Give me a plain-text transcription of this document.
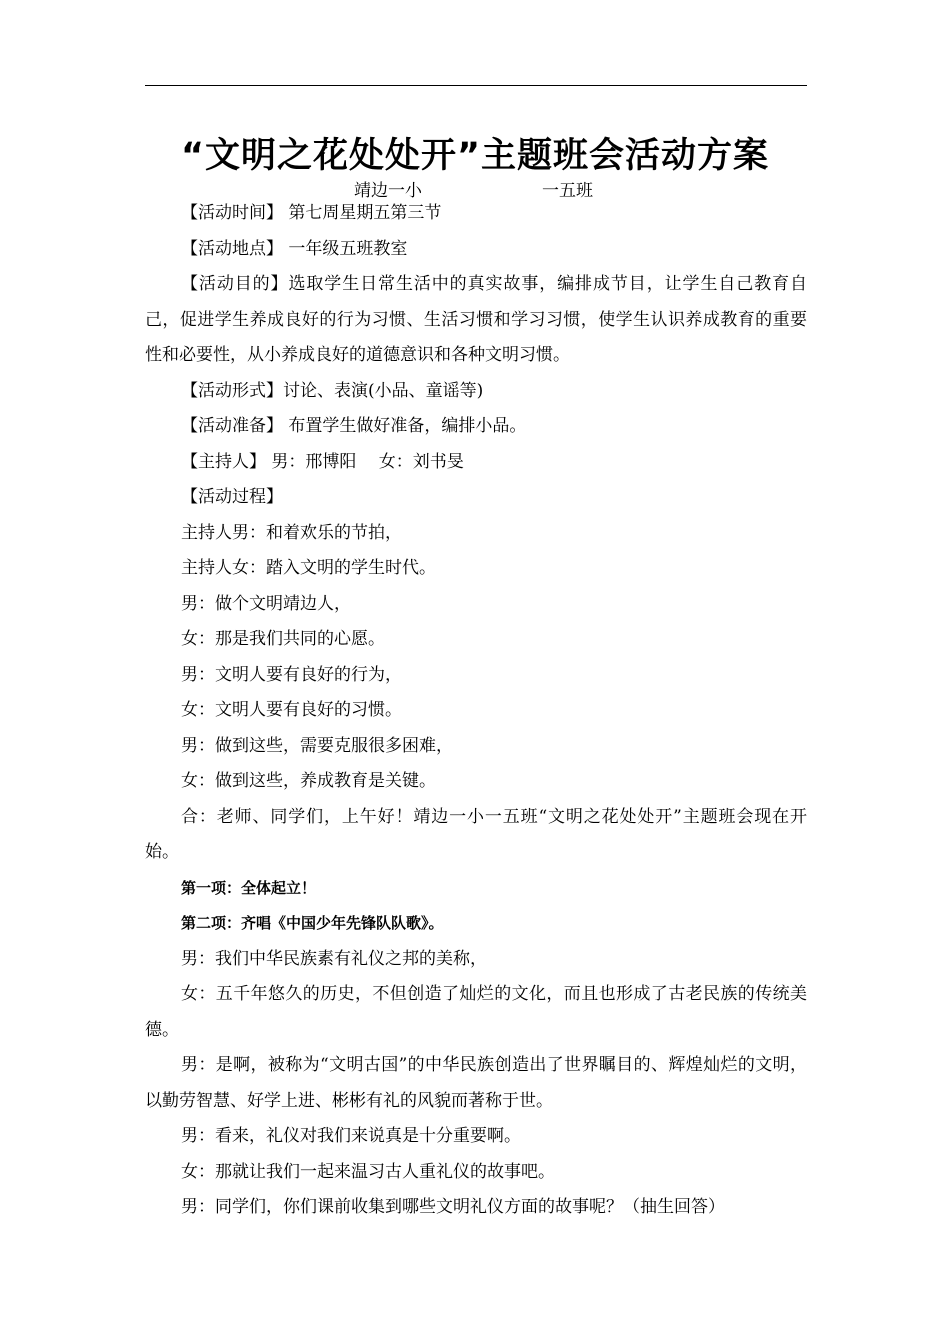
“文明之花处处开”主题班会活动方案
靖边一小	一五班

【活动时间】 第七周星期五第三节

【活动地点】 一年级五班教室

【活动目的】选取学生日常生活中的真实故事，编排成节目，让学生自己教育自己，促进学生养成良好的行为习惯、生活习惯和学习习惯，使学生认识养成教育的重要性和必要性，从小养成良好的道德意识和各种文明习惯。

【活动形式】讨论、表演(小品、童谣等)

【活动准备】 布置学生做好准备，编排小品。

【主持人】 男：邢博阳　 女：刘书旻

【活动过程】

主持人男：和着欢乐的节拍，

主持人女：踏入文明的学生时代。

男：做个文明靖边人，

女：那是我们共同的心愿。

男：文明人要有良好的行为，

女：文明人要有良好的习惯。

男：做到这些，需要克服很多困难，

女：做到这些，养成教育是关键。

合：老师、同学们，上午好！靖边一小一五班“文明之花处处开”主题班会现在开始。

第一项：全体起立！

第二项：齐唱《中国少年先锋队队歌》。

男：我们中华民族素有礼仪之邦的美称，

女：五千年悠久的历史，不但创造了灿烂的文化，而且也形成了古老民族的传统美德。

男：是啊，被称为“文明古国”的中华民族创造出了世界瞩目的、辉煌灿烂的文明，以勤劳智慧、好学上进、彬彬有礼的风貌而著称于世。

男：看来，礼仪对我们来说真是十分重要啊。

女：那就让我们一起来温习古人重礼仪的故事吧。

男：同学们，你们课前收集到哪些文明礼仪方面的故事呢？（抽生回答）
